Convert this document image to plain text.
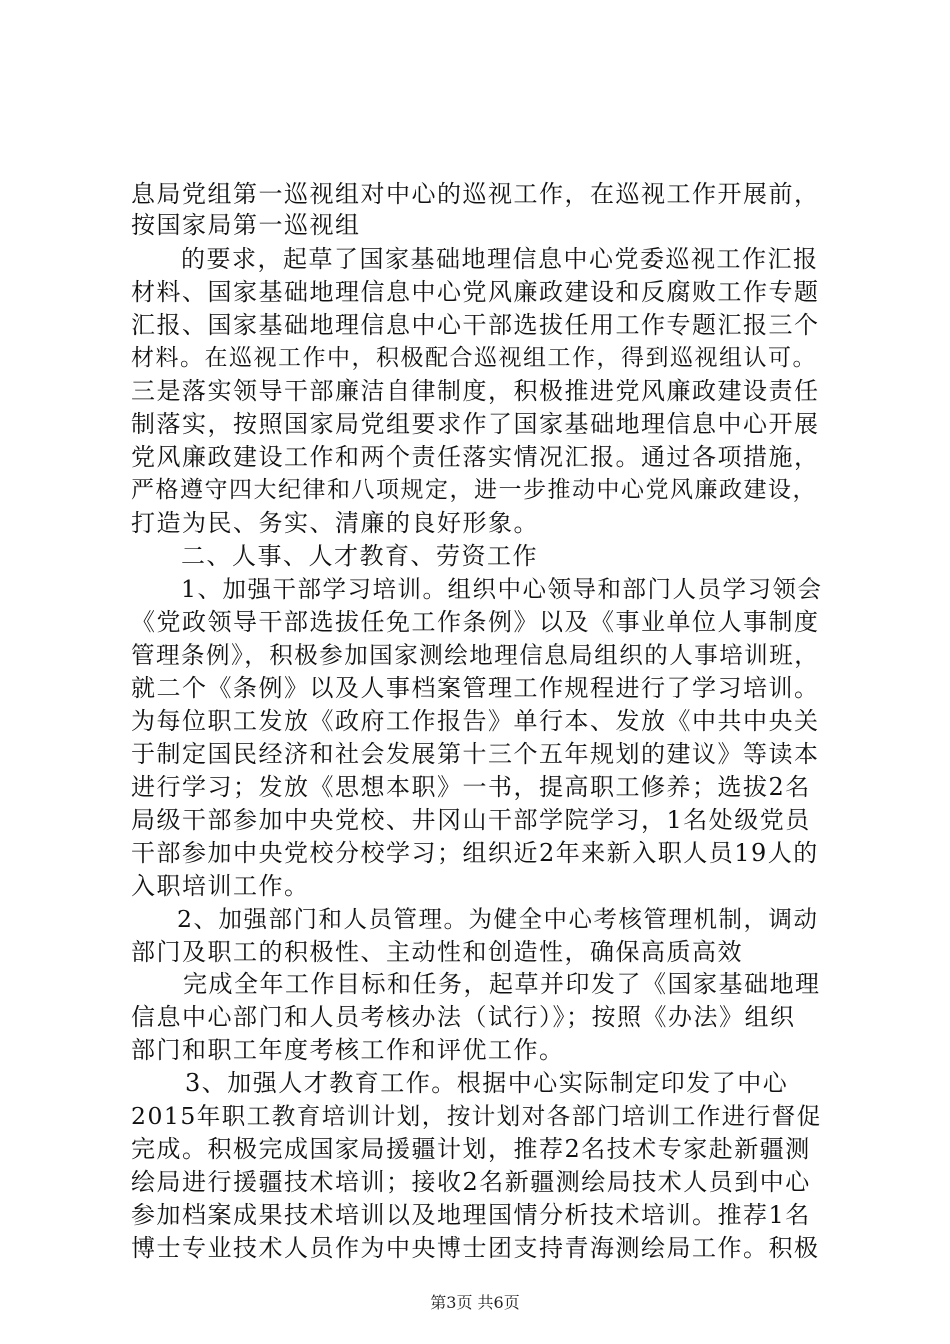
息局党组第一巡视组对中心的巡视工作，在巡视工作开展前，
按国家局第一巡视组
的要求，起草了国家基础地理信息中心党委巡视工作汇报
材料、国家基础地理信息中心党风廉政建设和反腐败工作专题
汇报、国家基础地理信息中心干部选拔任用工作专题汇报三个
材料。在巡视工作中，积极配合巡视组工作，得到巡视组认可。
三是落实领导干部廉洁自律制度，积极推进党风廉政建设责任
制落实，按照国家局党组要求作了国家基础地理信息中心开展
党风廉政建设工作和两个责任落实情况汇报。通过各项措施，
严格遵守四大纪律和八项规定，进一步推动中心党风廉政建设，
打造为民、务实、清廉的良好形象。
二、人事、人才教育、劳资工作
1、加强干部学习培训。组织中心领导和部门人员学习领会
《党政领导干部选拔任免工作条例》以及《事业单位人事制度
管理条例》，积极参加国家测绘地理信息局组织的人事培训班，
就二个《条例》以及人事档案管理工作规程进行了学习培训。
为每位职工发放《政府工作报告》单行本、发放《中共中央关
于制定国民经济和社会发展第十三个五年规划的建议》等读本
进行学习；发放《思想本职》一书，提高职工修养；选拔2名
局级干部参加中央党校、井冈山干部学院学习，1名处级党员
干部参加中央党校分校学习；组织近2年来新入职人员19人的
入职培训工作。
2、加强部门和人员管理。为健全中心考核管理机制，调动
部门及职工的积极性、主动性和创造性，确保高质高效
完成全年工作目标和任务，起草并印发了《国家基础地理
信息中心部门和人员考核办法（试行）》；按照《办法》组织
部门和职工年度考核工作和评优工作。
3、加强人才教育工作。根据中心实际制定印发了中心
2015年职工教育培训计划，按计划对各部门培训工作进行督促
完成。积极完成国家局援疆计划，推荐2名技术专家赴新疆测
绘局进行援疆技术培训；接收2名新疆测绘局技术人员到中心
参加档案成果技术培训以及地理国情分析技术培训。推荐1名
博士专业技术人员作为中央博士团支持青海测绘局工作。积极
第3页 共6页
